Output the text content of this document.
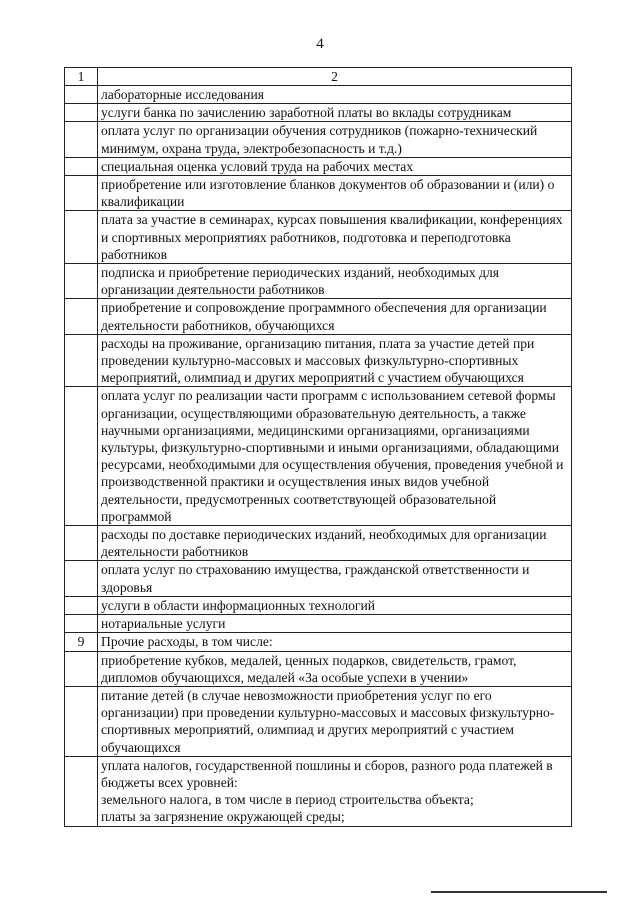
4
1	2
	лабораторные исследования
	услуги банка по зачислению заработной платы во вклады сотрудникам
	оплата услуг по организации обучения сотрудников (пожарно-технический минимум, охрана труда, электробезопасность и т.д.)
	специальная оценка условий труда на рабочих местах
	приобретение или изготовление бланков документов об образовании и (или) о квалификации
	плата за участие в семинарах, курсах повышения квалификации, конференциях и спортивных мероприятиях работников, подготовка и переподготовка работников
	подписка и приобретение периодических изданий, необходимых для организации деятельности работников
	приобретение и сопровождение программного обеспечения для организации деятельности работников, обучающихся
	расходы на проживание, организацию питания, плата за участие детей при проведении культурно-массовых и массовых физкультурно-спортивных мероприятий, олимпиад и других мероприятий с участием обучающихся
	оплата услуг по реализации части программ с использованием сетевой формы организации, осуществляющими образовательную деятельность, а также научными организациями, медицинскими организациями, организациями культуры, физкультурно-спортивными и иными организациями, обладающими ресурсами, необходимыми для осуществления обучения, проведения учебной и производственной практики и осуществления иных видов учебной деятельности, предусмотренных соответствующей образовательной программой
	расходы по доставке периодических изданий, необходимых для организации деятельности работников
	оплата услуг по страхованию имущества, гражданской ответственности и здоровья
	услуги в области информационных технологий
	нотариальные услуги
9	Прочие расходы, в том числе:
	приобретение кубков, медалей, ценных подарков, свидетельств, грамот, дипломов обучающихся, медалей «За особые успехи в учении»
	питание детей (в случае невозможности приобретения услуг по его организации) при проведении культурно-массовых и массовых физкультурно-спортивных мероприятий, олимпиад и других мероприятий с участием обучающихся
	уплата налогов, государственной пошлины и сборов, разного рода платежей в бюджеты всех уровней:
земельного налога, в том числе в период строительства объекта;
платы за загрязнение окружающей среды;
